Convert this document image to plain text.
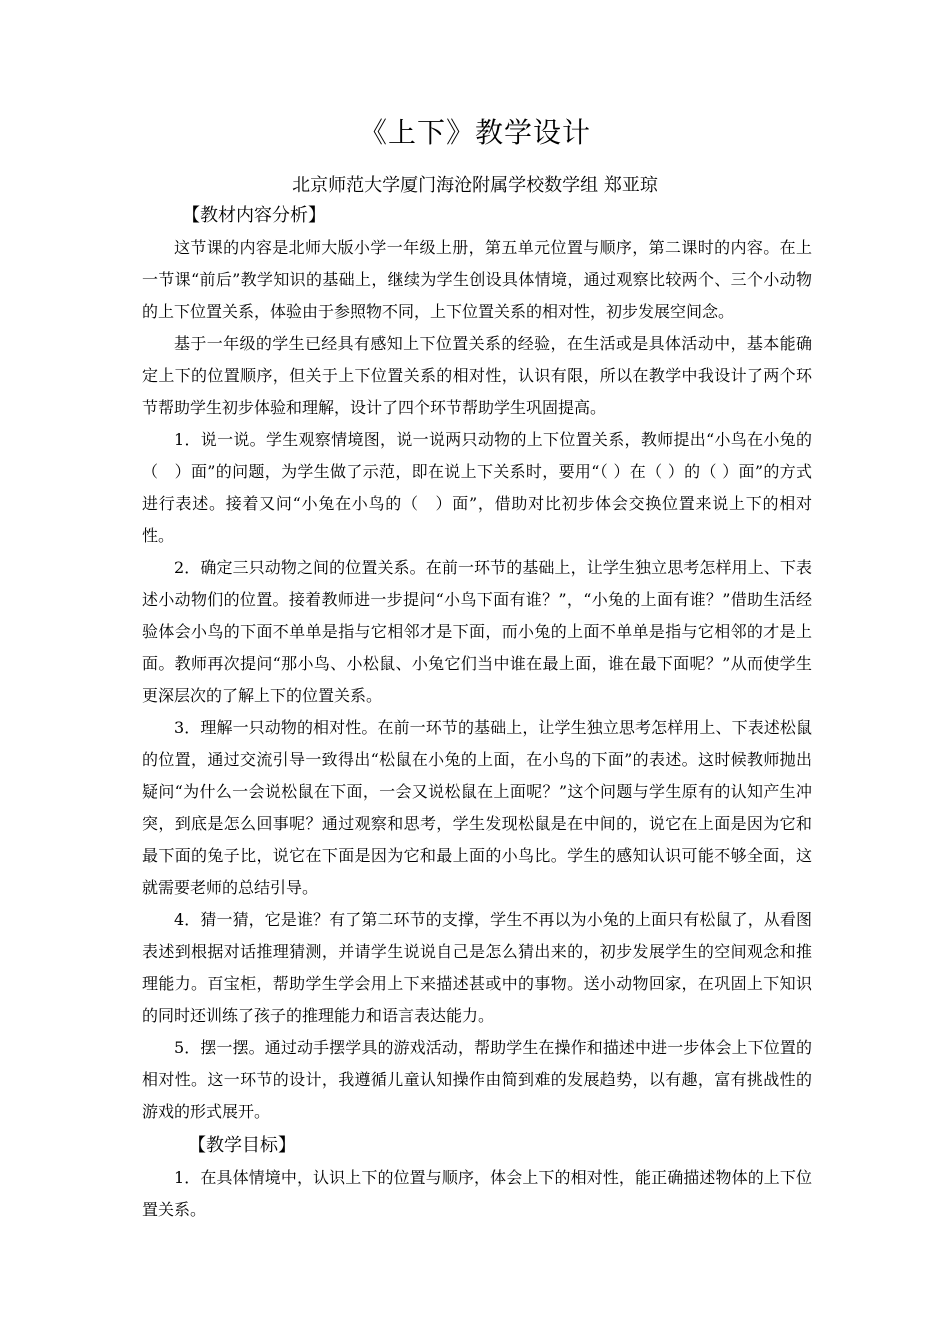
《上下》教学设计
北京师范大学厦门海沧附属学校数学组 郑亚琼

【教材内容分析】

这节课的内容是北师大版小学一年级上册，第五单元位置与顺序，第二课时的内容。在上一节课“前后”教学知识的基础上，继续为学生创设具体情境，通过观察比较两个、三个小动物的上下位置关系，体验由于参照物不同，上下位置关系的相对性，初步发展空间念。

基于一年级的学生已经具有感知上下位置关系的经验，在生活或是具体活动中，基本能确定上下的位置顺序，但关于上下位置关系的相对性，认识有限，所以在教学中我设计了两个环节帮助学生初步体验和理解，设计了四个环节帮助学生巩固提高。

1．说一说。学生观察情境图，说一说两只动物的上下位置关系，教师提出“小鸟在小兔的（　）面”的问题，为学生做了示范，即在说上下关系时，要用“（ ）在（ ）的（ ）面”的方式进行表述。接着又问“小兔在小鸟的（　）面”，借助对比初步体会交换位置来说上下的相对性。

2．确定三只动物之间的位置关系。在前一环节的基础上，让学生独立思考怎样用上、下表述小动物们的位置。接着教师进一步提问“小鸟下面有谁？”，“小兔的上面有谁？”借助生活经验体会小鸟的下面不单单是指与它相邻才是下面，而小兔的上面不单单是指与它相邻的才是上面。教师再次提问“那小鸟、小松鼠、小兔它们当中谁在最上面，谁在最下面呢？”从而使学生更深层次的了解上下的位置关系。

3．理解一只动物的相对性。在前一环节的基础上，让学生独立思考怎样用上、下表述松鼠的位置，通过交流引导一致得出“松鼠在小兔的上面，在小鸟的下面”的表述。这时候教师抛出疑问“为什么一会说松鼠在下面，一会又说松鼠在上面呢？”这个问题与学生原有的认知产生冲突，到底是怎么回事呢？通过观察和思考，学生发现松鼠是在中间的，说它在上面是因为它和最下面的兔子比，说它在下面是因为它和最上面的小鸟比。学生的感知认识可能不够全面，这就需要老师的总结引导。

4．猜一猜，它是谁？有了第二环节的支撑，学生不再以为小兔的上面只有松鼠了，从看图表述到根据对话推理猜测，并请学生说说自己是怎么猜出来的，初步发展学生的空间观念和推理能力。百宝柜，帮助学生学会用上下来描述甚或中的事物。送小动物回家，在巩固上下知识的同时还训练了孩子的推理能力和语言表达能力。

5．摆一摆。通过动手摆学具的游戏活动，帮助学生在操作和描述中进一步体会上下位置的相对性。这一环节的设计，我遵循儿童认知操作由简到难的发展趋势，以有趣，富有挑战性的游戏的形式展开。

【教学目标】

1．在具体情境中，认识上下的位置与顺序，体会上下的相对性，能正确描述物体的上下位置关系。
